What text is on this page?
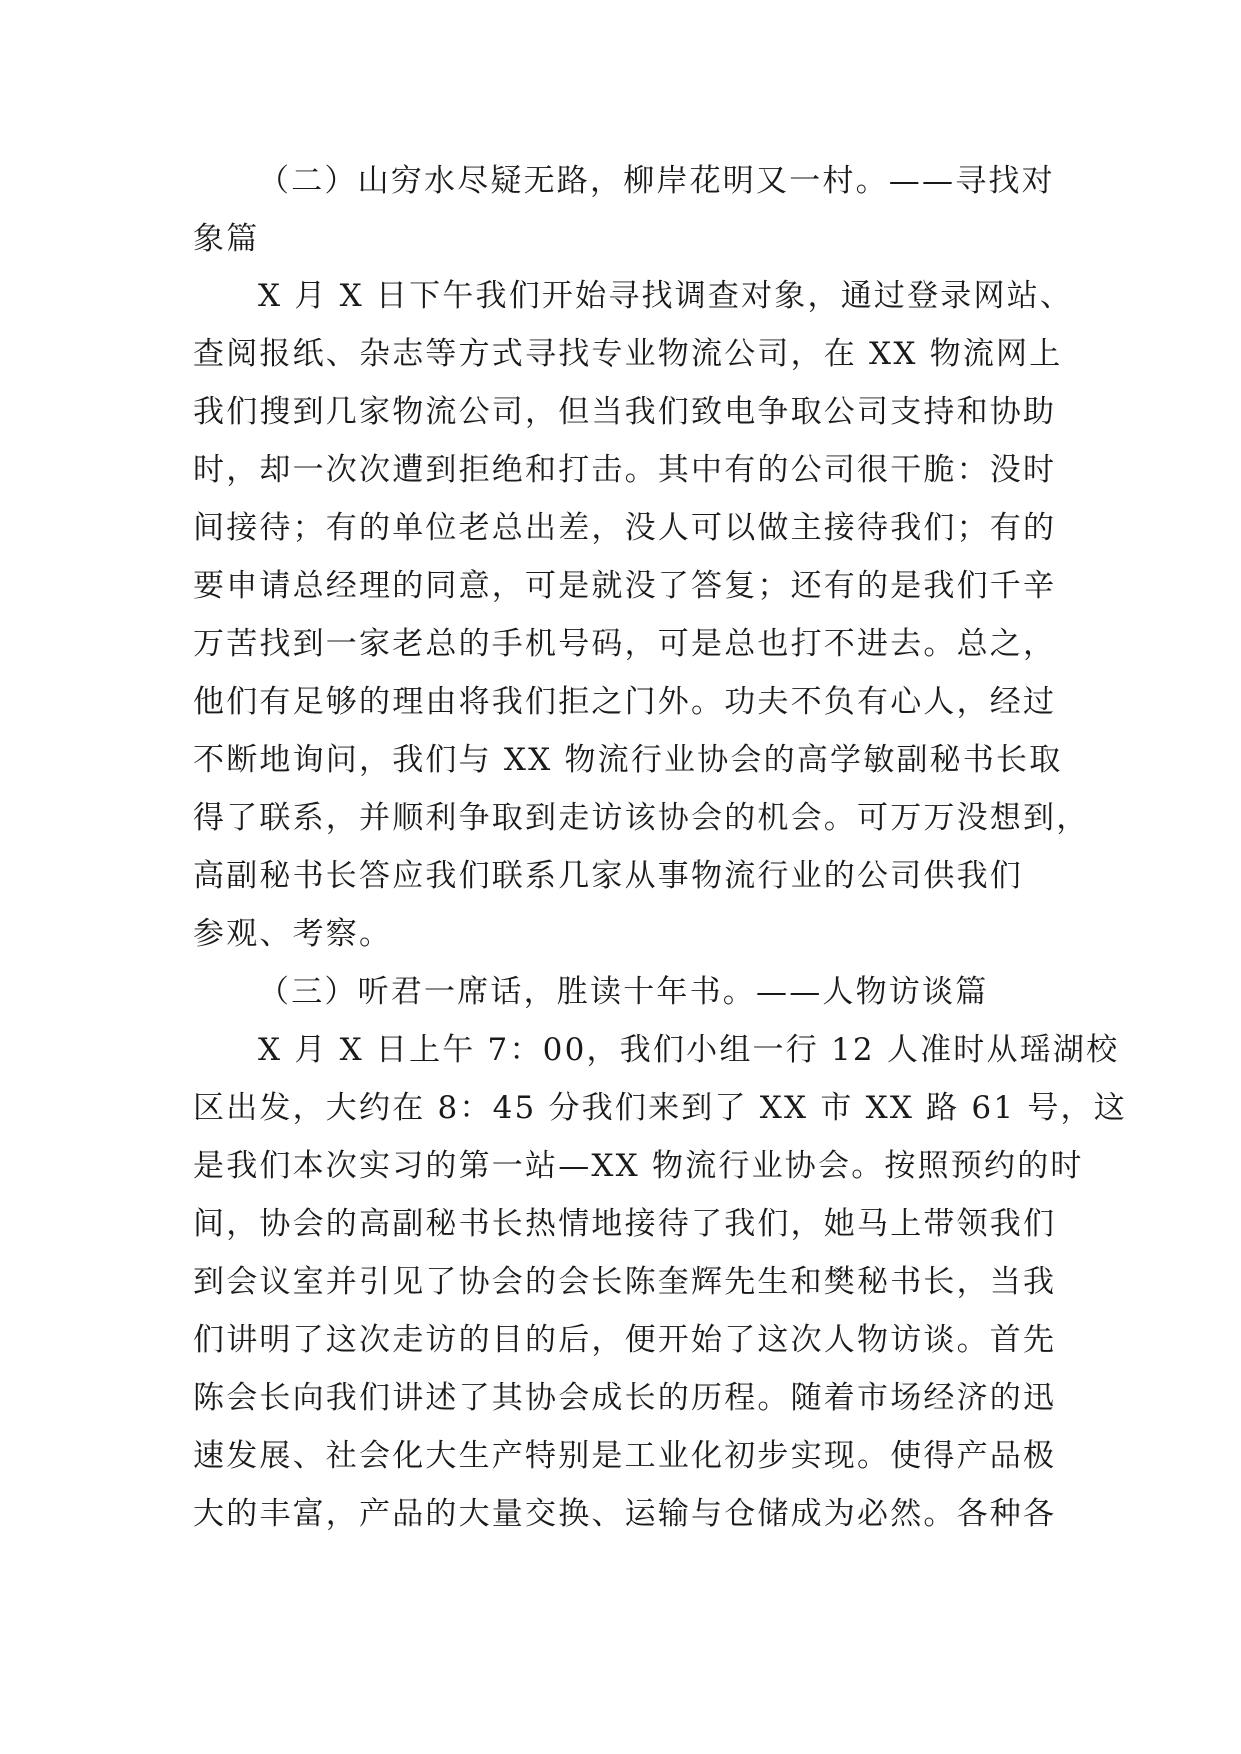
（二）山穷水尽疑无路，柳岸花明又一村。——寻找对
象篇
X 月 X 日下午我们开始寻找调查对象，通过登录网站、
查阅报纸、杂志等方式寻找专业物流公司，在 XX 物流网上
我们搜到几家物流公司，但当我们致电争取公司支持和协助
时，却一次次遭到拒绝和打击。其中有的公司很干脆：没时
间接待；有的单位老总出差，没人可以做主接待我们；有的
要申请总经理的同意，可是就没了答复；还有的是我们千辛
万苦找到一家老总的手机号码，可是总也打不进去。总之，
他们有足够的理由将我们拒之门外。功夫不负有心人，经过
不断地询问，我们与 XX 物流行业协会的高学敏副秘书长取
得了联系，并顺利争取到走访该协会的机会。可万万没想到，
高副秘书长答应我们联系几家从事物流行业的公司供我们
参观、考察。
（三）听君一席话，胜读十年书。——人物访谈篇
X 月 X 日上午 7：00，我们小组一行 12 人准时从瑶湖校
区出发，大约在 8：45 分我们来到了 XX 市 XX 路 61 号，这
是我们本次实习的第一站—XX 物流行业协会。按照预约的时
间，协会的高副秘书长热情地接待了我们，她马上带领我们
到会议室并引见了协会的会长陈奎辉先生和樊秘书长，当我
们讲明了这次走访的目的后，便开始了这次人物访谈。首先
陈会长向我们讲述了其协会成长的历程。随着市场经济的迅
速发展、社会化大生产特别是工业化初步实现。使得产品极
大的丰富，产品的大量交换、运输与仓储成为必然。各种各
